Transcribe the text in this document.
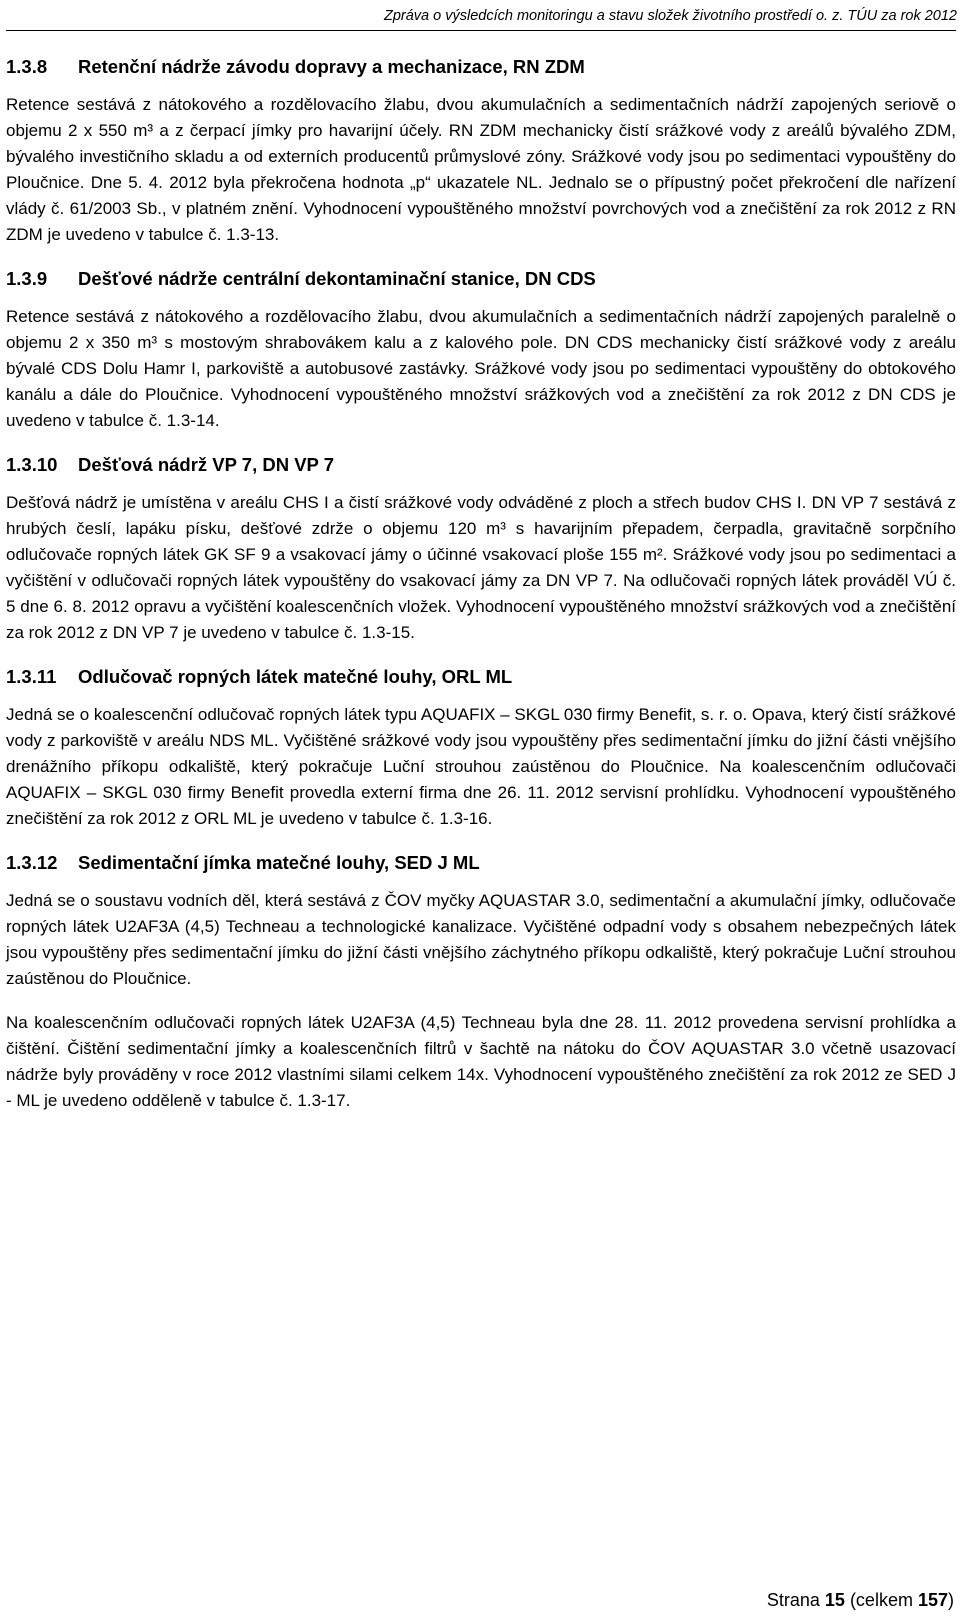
Zpráva o výsledcích monitoringu a stavu složek životního prostředí o. z. TÚU za rok 2012
1.3.8 Retenční nádrže závodu dopravy a mechanizace, RN ZDM

Retence sestává z nátokového a rozdělovacího žlabu, dvou akumulačních a sedimentačních nádrží zapojených seriově o objemu 2 x 550 m³ a z čerpací jímky pro havarijní účely. RN ZDM mechanicky čistí srážkové vody z areálů bývalého ZDM, bývalého investičního skladu a od externích producentů průmyslové zóny. Srážkové vody jsou po sedimentaci vypouštěny do Ploučnice. Dne 5. 4. 2012 byla překročena hodnota „p“ ukazatele NL. Jednalo se o přípustný počet překročení dle nařízení vlády č. 61/2003 Sb., v platném znění. Vyhodnocení vypouštěného množství povrchových vod a znečištění za rok 2012 z RN ZDM je uvedeno v tabulce č. 1.3-13.

1.3.9 Dešťové nádrže centrální dekontaminační stanice, DN CDS

Retence sestává z nátokového a rozdělovacího žlabu, dvou akumulačních a sedimentačních nádrží zapojených paralelně o objemu 2 x 350 m³ s mostovým shrabovákem kalu a z kalového pole. DN CDS mechanicky čistí srážkové vody z areálu bývalé CDS Dolu Hamr I, parkoviště a autobusové zastávky. Srážkové vody jsou po sedimentaci vypouštěny do obtokového kanálu a dále do Ploučnice. Vyhodnocení vypouštěného množství srážkových vod a znečištění za rok 2012 z DN CDS je uvedeno v tabulce č. 1.3-14.

1.3.10 Dešťová nádrž VP 7, DN VP 7

Dešťová nádrž je umístěna v areálu CHS I a čistí srážkové vody odváděné z ploch a střech budov CHS I. DN VP 7 sestává z hrubých česlí, lapáku písku, dešťové zdrže o objemu 120 m³ s havarijním přepadem, čerpadla, gravitačně sorpčního odlučovače ropných látek GK SF 9 a vsakovací jámy o účinné vsakovací ploše 155 m². Srážkové vody jsou po sedimentaci a vyčištění v odlučovači ropných látek vypouštěny do vsakovací jámy za DN VP 7. Na odlučovači ropných látek prováděl VÚ č. 5 dne 6. 8. 2012 opravu a vyčištění koalescenčních vložek. Vyhodnocení vypouštěného množství srážkových vod a znečištění za rok 2012 z DN VP 7 je uvedeno v tabulce č. 1.3-15.

1.3.11 Odlučovač ropných látek matečné louhy, ORL ML

Jedná se o koalescenční odlučovač ropných látek typu AQUAFIX – SKGL 030 firmy Benefit, s. r. o. Opava, který čistí srážkové vody z parkoviště v areálu NDS ML. Vyčištěné srážkové vody jsou vypouštěny přes sedimentační jímku do jižní části vnějšího drenážního příkopu odkaliště, který pokračuje Luční strouhou zaústěnou do Ploučnice. Na koalescenčním odlučovači AQUAFIX – SKGL 030 firmy Benefit provedla externí firma dne 26. 11. 2012 servisní prohlídku. Vyhodnocení vypouštěného znečištění za rok 2012 z ORL ML je uvedeno v tabulce č. 1.3-16.

1.3.12 Sedimentační jímka matečné louhy, SED J ML

Jedná se o soustavu vodních děl, která sestává z ČOV myčky AQUASTAR 3.0, sedimentační a akumulační jímky, odlučovače ropných látek U2AF3A (4,5) Techneau a technologické kanalizace. Vyčištěné odpadní vody s obsahem nebezpečných látek jsou vypouštěny přes sedimentační jímku do jižní části vnějšího záchytného příkopu odkaliště, který pokračuje Luční strouhou zaústěnou do Ploučnice.

Na koalescenčním odlučovači ropných látek U2AF3A (4,5) Techneau byla dne 28. 11. 2012 provedena servisní prohlídka a čištění. Čištění sedimentační jímky a koalescenčních filtrů v šachtě na nátoku do ČOV AQUASTAR 3.0 včetně usazovací nádrže byly prováděny v roce 2012 vlastními silami celkem 14x. Vyhodnocení vypouštěného znečištění za rok 2012 ze SED J - ML je uvedeno odděleně v tabulce č. 1.3-17.

Strana 15 (celkem 157)
